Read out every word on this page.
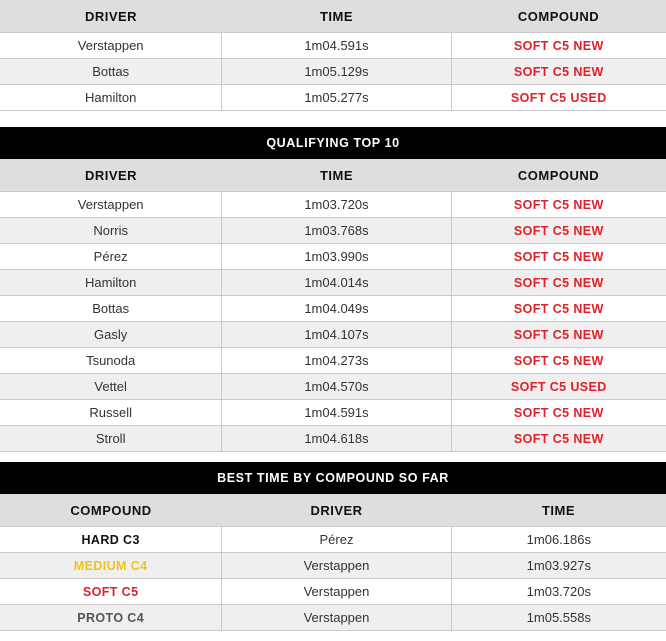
DRIVER	TIME	COMPOUND
Verstappen	1m04.591s	SOFT C5 NEW
Bottas	1m05.129s	SOFT C5 NEW
Hamilton	1m05.277s	SOFT C5 USED
QUALIFYING TOP 10
DRIVER	TIME	COMPOUND
Verstappen	1m03.720s	SOFT C5 NEW
Norris	1m03.768s	SOFT C5 NEW
Pérez	1m03.990s	SOFT C5 NEW
Hamilton	1m04.014s	SOFT C5 NEW
Bottas	1m04.049s	SOFT C5 NEW
Gasly	1m04.107s	SOFT C5 NEW
Tsunoda	1m04.273s	SOFT C5 NEW
Vettel	1m04.570s	SOFT C5 USED
Russell	1m04.591s	SOFT C5 NEW
Stroll	1m04.618s	SOFT C5 NEW
BEST TIME BY COMPOUND SO FAR
COMPOUND	DRIVER	TIME
HARD C3	Pérez	1m06.186s
MEDIUM C4	Verstappen	1m03.927s
SOFT C5	Verstappen	1m03.720s
PROTO C4	Verstappen	1m05.558s
